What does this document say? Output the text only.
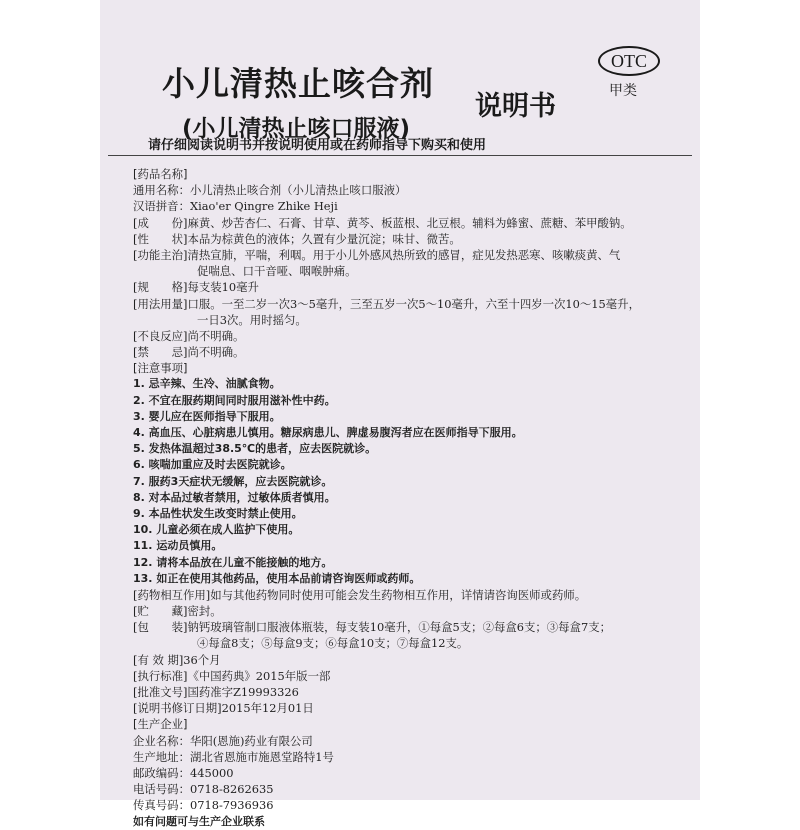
小儿清热止咳合剂
说明书
(小儿清热止咳口服液)
OTC
甲类
请仔细阅读说明书并按说明使用或在药师指导下购买和使用
[药品名称]
通用名称：小儿清热止咳合剂（小儿清热止咳口服液）
汉语拼音：Xiao'er Qingre Zhike Heji
[成　　份]麻黄、炒苦杏仁、石膏、甘草、黄芩、板蓝根、北豆根。辅料为蜂蜜、蔗糖、苯甲酸钠。
[性　　状]本品为棕黄色的液体；久置有少量沉淀；味甘、微苦。
[功能主治]清热宣肺，平喘，利咽。用于小儿外感风热所致的感冒，症见发热恶寒、咳嗽痰黄、气
促喘息、口干音哑、咽喉肿痛。
[规　　格]每支装10毫升
[用法用量]口服。一至二岁一次3～5毫升，三至五岁一次5～10毫升，六至十四岁一次10～15毫升，
一日3次。用时摇匀。
[不良反应]尚不明确。
[禁　　忌]尚不明确。
[注意事项]
1. 忌辛辣、生冷、油腻食物。
2. 不宜在服药期间同时服用滋补性中药。
3. 婴儿应在医师指导下服用。
4. 高血压、心脏病患儿慎用。糖尿病患儿、脾虚易腹泻者应在医师指导下服用。
5. 发热体温超过38.5℃的患者，应去医院就诊。
6. 咳喘加重应及时去医院就诊。
7. 服药3天症状无缓解，应去医院就诊。
8. 对本品过敏者禁用，过敏体质者慎用。
9. 本品性状发生改变时禁止使用。
10. 儿童必须在成人监护下使用。
11. 运动员慎用。
12. 请将本品放在儿童不能接触的地方。
13. 如正在使用其他药品，使用本品前请咨询医师或药师。
[药物相互作用]如与其他药物同时使用可能会发生药物相互作用，详情请咨询医师或药师。
[贮　　藏]密封。
[包　　装]钠钙玻璃管制口服液体瓶装，每支装10毫升，①每盒5支；②每盒6支；③每盒7支；
④每盒8支；⑤每盒9支；⑥每盒10支；⑦每盒12支。
[有 效 期]36个月
[执行标准]《中国药典》2015年版一部
[批准文号]国药准字Z19993326
[说明书修订日期]2015年12月01日
[生产企业]
企业名称：华阳(恩施)药业有限公司
生产地址：湖北省恩施市施恩堂路特1号
邮政编码：445000
电话号码：0718-8262635
传真号码：0718-7936936
如有问题可与生产企业联系
